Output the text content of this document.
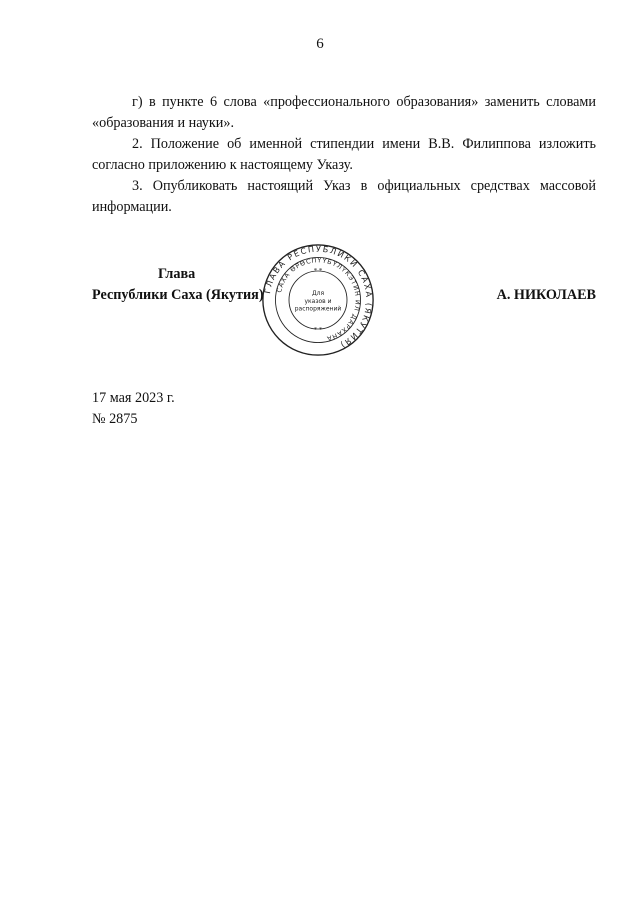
6

г) в пункте 6 слова «профессионального образования» заменить словами «образования и науки».

2. Положение об именной стипендии имени В.В. Филиппова изложить согласно приложению к настоящему Указу.

3. Опубликовать настоящий Указ в официальных средствах массовой информации.

Глава
Республики Саха (Якутия)
ГЛАВА РЕСПУБЛИКИ САХА (ЯКУТИЯ)
САХА ӨРӨСПҮҮБҮЛҮКЭТИН ИЛ ДАРХАНА
* *
* *
Для
указов и
распоряжений
А. НИКОЛАЕВ
17 мая 2023 г.
№ 2875
